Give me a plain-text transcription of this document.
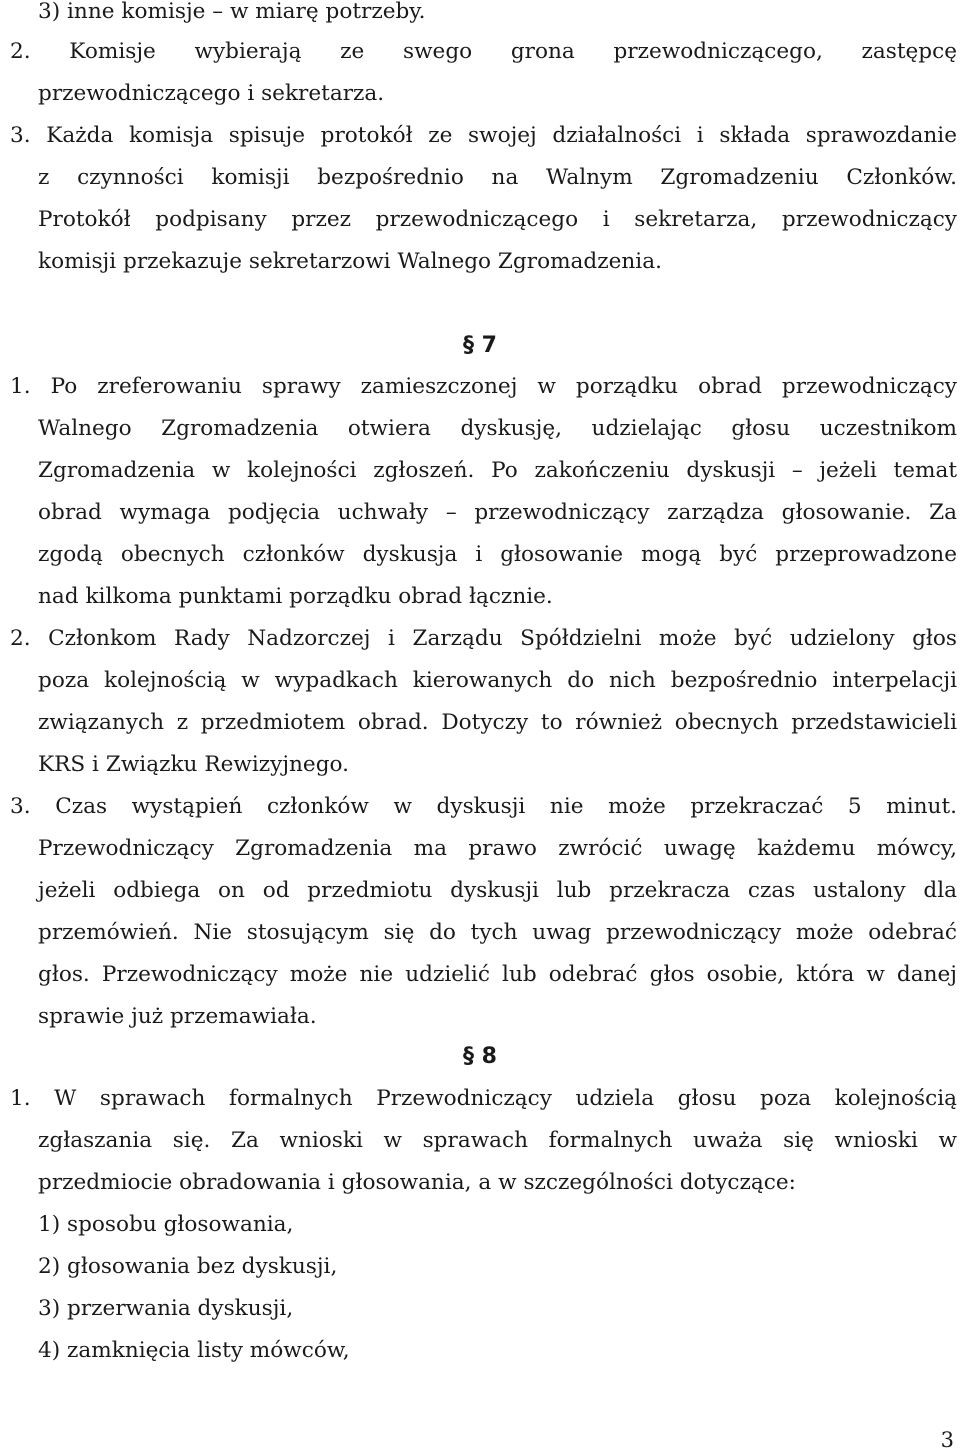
3) inne komisje – w miarę potrzeby.
2. Komisje wybierają ze swego grona przewodniczącego, zastępcę
przewodniczącego i sekretarza.
3. Każda komisja spisuje protokół ze swojej działalności i składa sprawozdanie
z czynności komisji bezpośrednio na Walnym Zgromadzeniu Członków.
Protokół podpisany przez przewodniczącego i sekretarza, przewodniczący
komisji przekazuje sekretarzowi Walnego Zgromadzenia.
§ 7
1. Po zreferowaniu sprawy zamieszczonej w porządku obrad przewodniczący
Walnego Zgromadzenia otwiera dyskusję, udzielając głosu uczestnikom
Zgromadzenia w kolejności zgłoszeń. Po zakończeniu dyskusji – jeżeli temat
obrad wymaga podjęcia uchwały – przewodniczący zarządza głosowanie. Za
zgodą obecnych członków dyskusja i głosowanie mogą być przeprowadzone
nad kilkoma punktami porządku obrad łącznie.
2. Członkom Rady Nadzorczej i Zarządu Spółdzielni może być udzielony głos
poza kolejnością w wypadkach kierowanych do nich bezpośrednio interpelacji
związanych z przedmiotem obrad. Dotyczy to również obecnych przedstawicieli
KRS i Związku Rewizyjnego.
3. Czas wystąpień członków w dyskusji nie może przekraczać 5 minut.
Przewodniczący Zgromadzenia ma prawo zwrócić uwagę każdemu mówcy,
jeżeli odbiega on od przedmiotu dyskusji lub przekracza czas ustalony dla
przemówień. Nie stosującym się do tych uwag przewodniczący może odebrać
głos. Przewodniczący może nie udzielić lub odebrać głos osobie, która w danej
sprawie już przemawiała.
§ 8
1. W sprawach formalnych Przewodniczący udziela głosu poza kolejnością
zgłaszania się. Za wnioski w sprawach formalnych uważa się wnioski w
przedmiocie obradowania i głosowania, a w szczególności dotyczące:
1) sposobu głosowania,
2) głosowania bez dyskusji,
3) przerwania dyskusji,
4) zamknięcia listy mówców,
3
